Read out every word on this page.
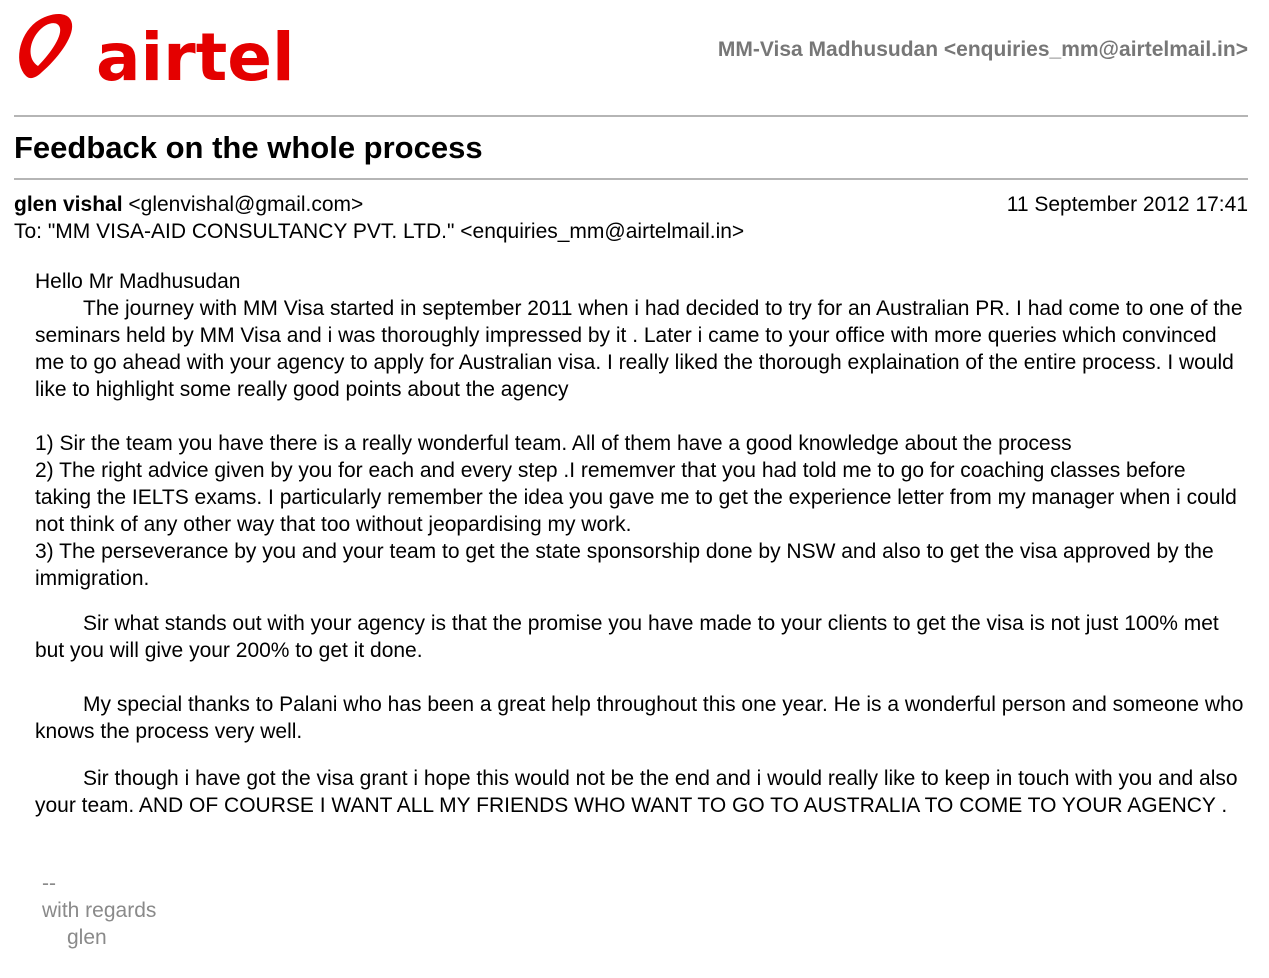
airtel	MM-Visa Madhusudan <enquiries_mm@airtelmail.in>
Feedback on the whole process
glen vishal <glenvishal@gmail.com>	11 September 2012 17:41
To: "MM VISA-AID CONSULTANCY PVT. LTD." <enquiries_mm@airtelmail.in>

Hello Mr Madhusudan

The journey with MM Visa started in september 2011 when i had decided to try for an Australian PR. I had come to one of the seminars held by MM Visa and i was thoroughly impressed by it . Later i came to your office with more queries which convinced me to go ahead with your agency to apply for Australian visa. I really liked the thorough explaination of the entire process. I would like to highlight some really good points about the agency

1) Sir the team you have there is a really wonderful team. All of them have a good knowledge about the process

2) The right advice given by you for each and every step .I rememver that you had told me to go for coaching classes before taking the IELTS exams. I particularly remember the idea you gave me to get the experience letter from my manager when i could not think of any other way that too without jeopardising my work.

3) The perseverance by you and your team to get the state sponsorship done by NSW and also to get the visa approved by the immigration.

Sir what stands out with your agency is that the promise you have made to your clients to get the visa is not just 100% met but you will give your 200% to get it done.

My special thanks to Palani who has been a great help throughout this one year. He is a wonderful person and someone who knows the process very well.

Sir though i have got the visa grant i hope this would not be the end and i would really like to keep in touch with you and also your team. AND OF COURSE I WANT ALL MY FRIENDS WHO WANT TO GO TO AUSTRALIA TO COME TO YOUR AGENCY .

--
with regards
glen
